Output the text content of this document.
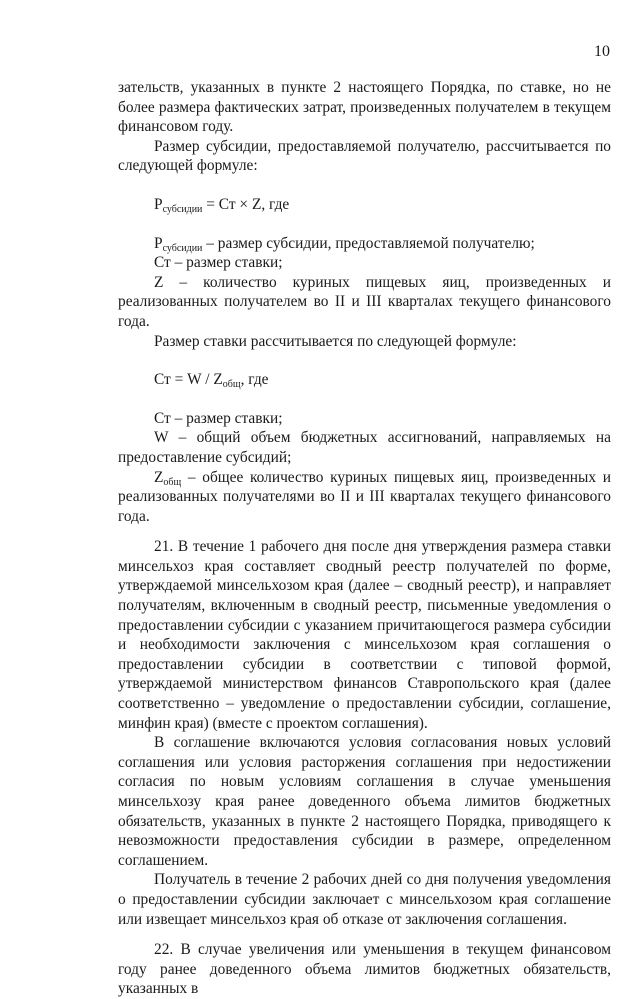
10

зательств, указанных в пункте 2 настоящего Порядка, по ставке, но не более размера фактических затрат, произведенных получателем в текущем финансовом году.

Размер субсидии, предоставляемой получателю, рассчитывается по следующей формуле:

$Р_{субсидии}$ = Ст × Z, где

$Р_{субсидии}$ – размер субсидии, предоставляемой получателю;

Ст – размер ставки;

Z – количество куриных пищевых яиц, произведенных и реализованных получателем во II и III кварталах текущего финансового года.

Размер ставки рассчитывается по следующей формуле:

Ст = W / $Z_{общ}$, где

Ст – размер ставки;

W – общий объем бюджетных ассигнований, направляемых на предоставление субсидий;

$Z_{общ}$ – общее количество куриных пищевых яиц, произведенных и реализованных получателями во II и III кварталах текущего финансового года.

21. В течение 1 рабочего дня после дня утверждения размера ставки минсельхоз края составляет сводный реестр получателей по форме, утверждаемой минсельхозом края (далее – сводный реестр), и направляет получателям, включенным в сводный реестр, письменные уведомления о предоставлении субсидии с указанием причитающегося размера субсидии и необходимости заключения с минсельхозом края соглашения о предоставлении субсидии в соответствии с типовой формой, утверждаемой министерством финансов Ставропольского края (далее соответственно – уведомление о предоставлении субсидии, соглашение, минфин края) (вместе с проектом соглашения).

В соглашение включаются условия согласования новых условий соглашения или условия расторжения соглашения при недостижении согласия по новым условиям соглашения в случае уменьшения минсельхозу края ранее доведенного объема лимитов бюджетных обязательств, указанных в пункте 2 настоящего Порядка, приводящего к невозможности предоставления субсидии в размере, определенном соглашением.

Получатель в течение 2 рабочих дней со дня получения уведомления о предоставлении субсидии заключает с минсельхозом края соглашение или извещает минсельхоз края об отказе от заключения соглашения.

22. В случае увеличения или уменьшения в текущем финансовом году ранее доведенного объема лимитов бюджетных обязательств, указанных в
